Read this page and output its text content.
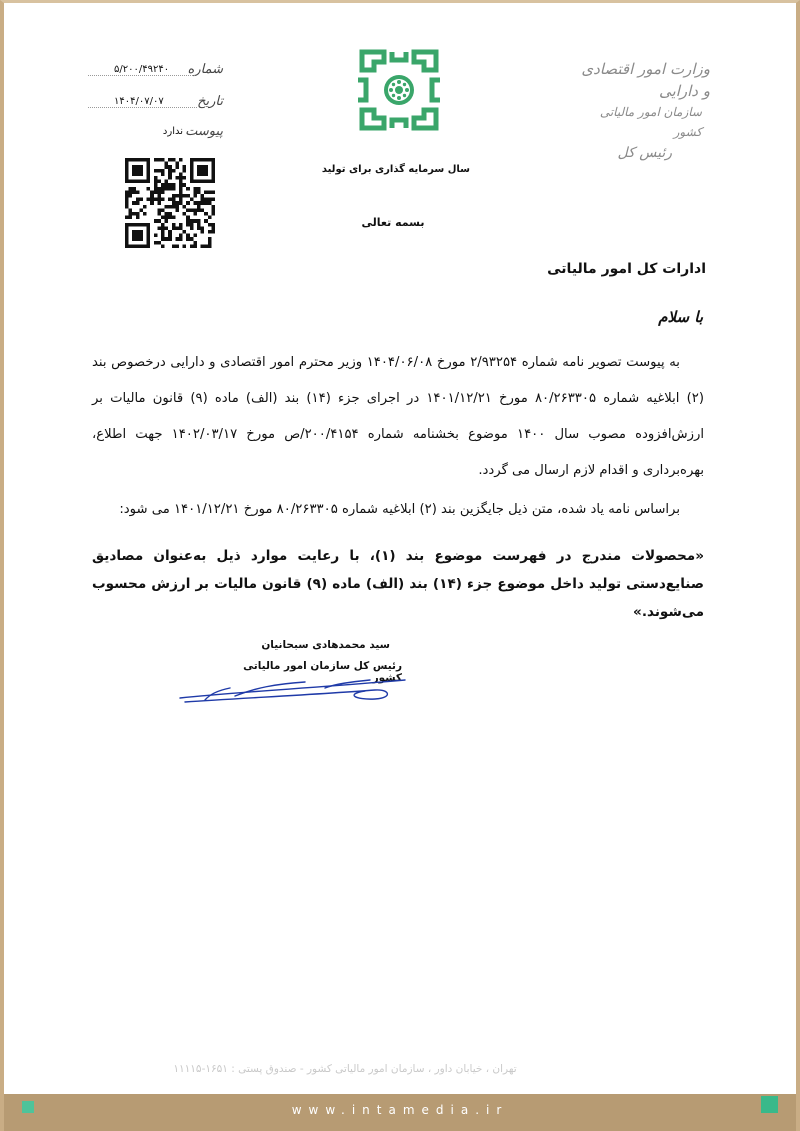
وزارت امور اقتصادی و دارایی
سازمان امور مالیاتی کشور
رئیس کل
سال سرمایه گذاری برای تولید
بسمه تعالی
شماره
۵/۲۰۰/۴۹۲۴۰
تاریخ
۱۴۰۴/۰۷/۰۷
پیوست
ندارد
ادارات کل امور مالیاتی
با سلام
به پیوست تصویر نامه شماره ۲/۹۳۲۵۴ مورخ ۱۴۰۴/۰۶/۰۸ وزیر محترم امور اقتصادی و دارایی درخصوص بند (۲) ابلاغیه شماره ۸۰/۲۶۳۳۰۵ مورخ ۱۴۰۱/۱۲/۲۱ در اجرای جزء (۱۴) بند (الف) ماده (۹) قانون مالیات بر ارزش‌افزوده مصوب سال ۱۴۰۰ موضوع بخشنامه شماره ۲۰۰/۴۱۵۴/ص مورخ ۱۴۰۲/۰۳/۱۷ جهت اطلاع، بهره‌برداری و اقدام لازم ارسال می گردد.
براساس نامه یاد شده، متن ذیل جایگزین بند (۲) ابلاغیه شماره ۸۰/۲۶۳۳۰۵ مورخ ۱۴۰۱/۱۲/۲۱ می شود:
«محصولات مندرج در فهرست موضوع بند (۱)، با رعایت موارد ذیل به‌عنوان مصادیق صنایع‌دستی تولید داخل موضوع جزء (۱۴) بند (الف) ماده (۹) قانون مالیات بر ارزش محسوب می‌شوند.»
سید محمدهادی سبحانیان
رئیس کل سازمان امور مالیاتی کشور
تهران ، خیابان داور ، سازمان امور مالیاتی کشور - صندوق پستی : ۱۶۵۱-۱۱۱۱۵
www.intamedia.ir
